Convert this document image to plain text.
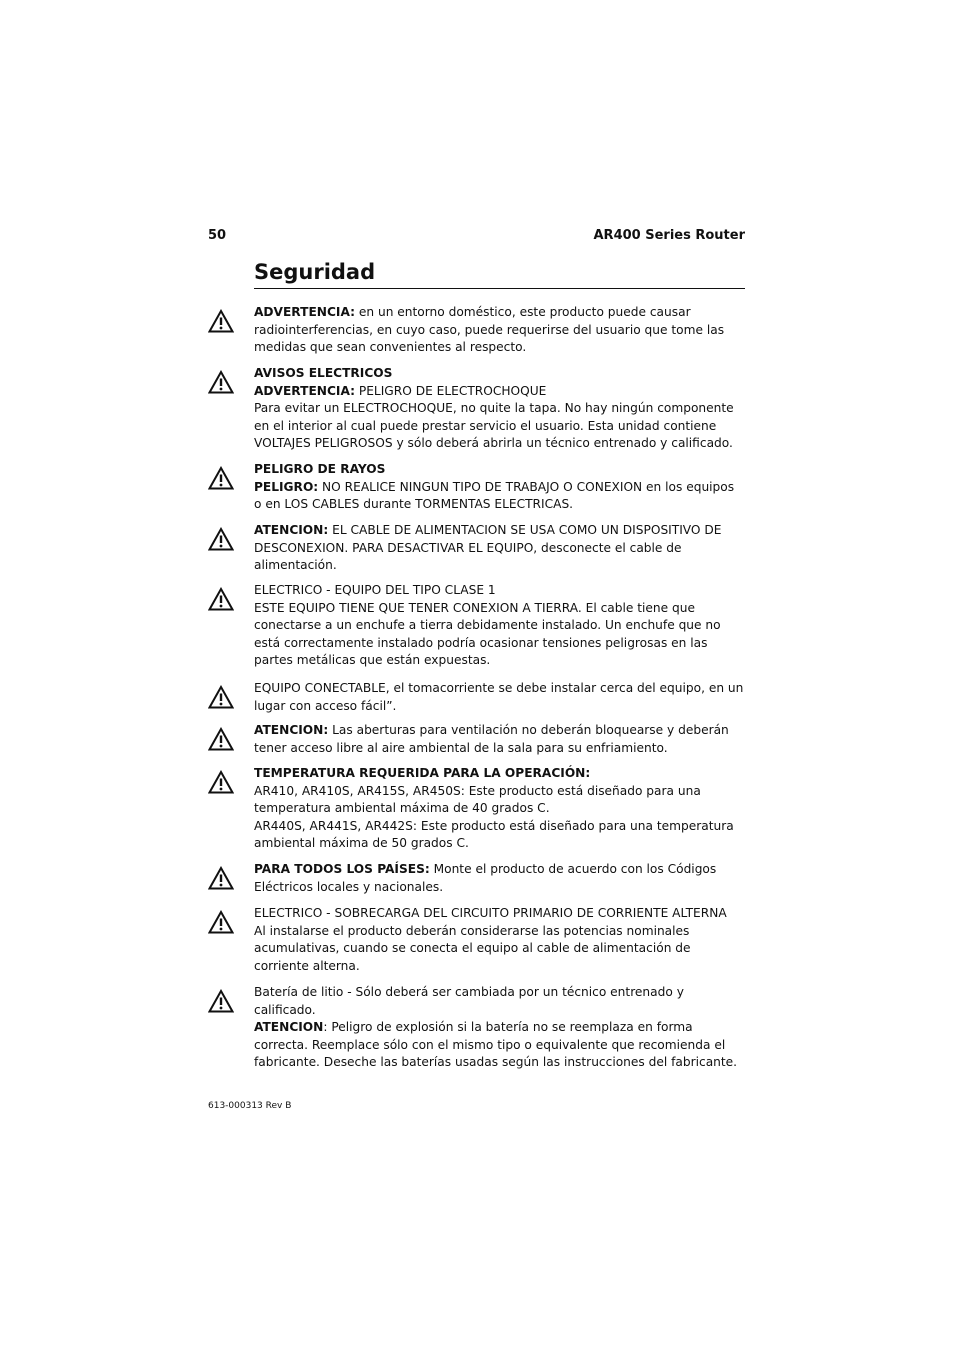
50	AR400 Series Router
Seguridad

ADVERTENCIA: en un entorno doméstico, este producto puede causar radiointerferencias, en cuyo caso, puede requerirse del usuario que tome las medidas que sean convenientes al respecto.

AVISOS ELECTRICOS

ADVERTENCIA: PELIGRO DE ELECTROCHOQUE

Para evitar un ELECTROCHOQUE, no quite la tapa. No hay ningún componente en el interior al cual puede prestar servicio el usuario. Esta unidad contiene VOLTAJES PELIGROSOS y sólo deberá abrirla un técnico entrenado y calificado.

PELIGRO DE RAYOS

PELIGRO: NO REALICE NINGUN TIPO DE TRABAJO O CONEXION en los equipos o en LOS CABLES durante TORMENTAS ELECTRICAS.

ATENCION: EL CABLE DE ALIMENTACION SE USA COMO UN DISPOSITIVO DE DESCONEXION. PARA DESACTIVAR EL EQUIPO, desconecte el cable de alimentación.

ELECTRICO - EQUIPO DEL TIPO CLASE 1

ESTE EQUIPO TIENE QUE TENER CONEXION A TIERRA. El cable tiene que conectarse a un enchufe a tierra debidamente instalado. Un enchufe que no está correctamente instalado podría ocasionar tensiones peligrosas en las partes metálicas que están expuestas.

EQUIPO CONECTABLE, el tomacorriente se debe instalar cerca del equipo, en un lugar con acceso fácil”.

ATENCION: Las aberturas para ventilación no deberán bloquearse y deberán tener acceso libre al aire ambiental de la sala para su enfriamiento.

TEMPERATURA REQUERIDA PARA LA OPERACIÓN:

AR410, AR410S, AR415S, AR450S: Este producto está diseñado para una temperatura ambiental máxima de 40 grados C.

AR440S, AR441S, AR442S: Este producto está diseñado para una temperatura ambiental máxima de 50 grados C.

PARA TODOS LOS PAÍSES: Monte el producto de acuerdo con los Códigos Eléctricos locales y nacionales.

ELECTRICO - SOBRECARGA DEL CIRCUITO PRIMARIO DE CORRIENTE ALTERNA

Al instalarse el producto deberán considerarse las potencias nominales acumulativas, cuando se conecta el equipo al cable de alimentación de corriente alterna.

Batería de litio - Sólo deberá ser cambiada por un técnico entrenado y calificado.

ATENCION: Peligro de explosión si la batería no se reemplaza en forma correcta. Reemplace sólo con el mismo tipo o equivalente que recomienda el fabricante. Deseche las baterías usadas según las instrucciones del fabricante.

613-000313 Rev B
